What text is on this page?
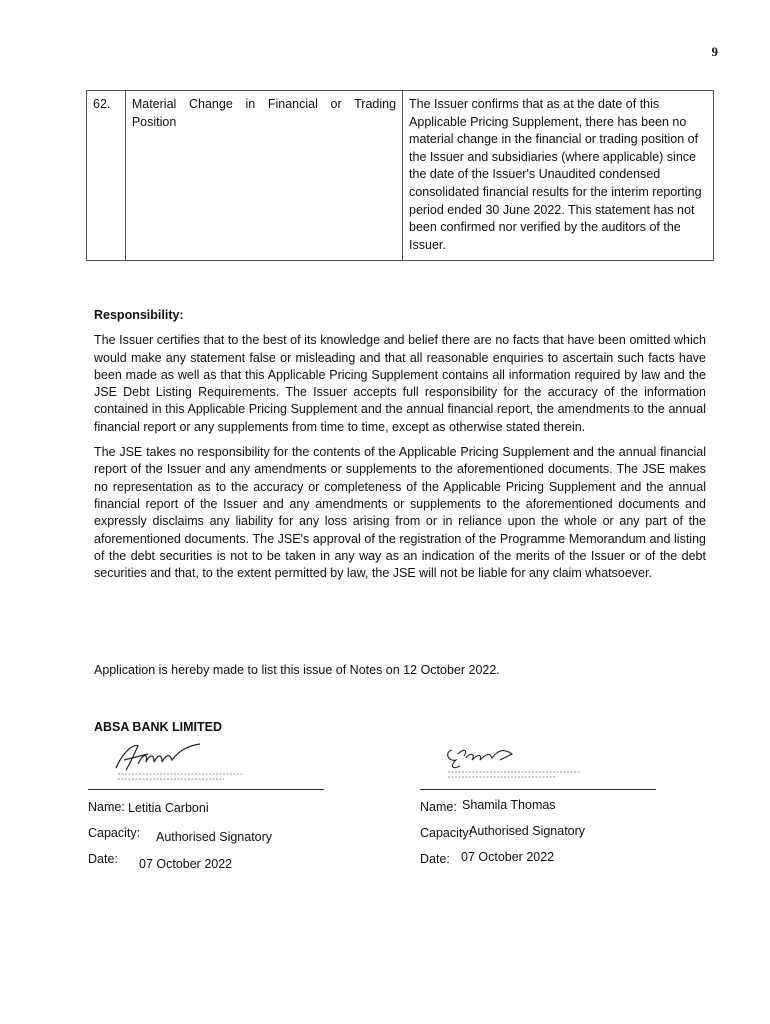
9
62.	Material Change in Financial or Trading Position	The Issuer confirms that as at the date of this Applicable Pricing Supplement, there has been no material change in the financial or trading position of the Issuer and subsidiaries (where applicable) since the date of the Issuer's Unaudited condensed consolidated financial results for the interim reporting period ended 30 June 2022. This statement has not been confirmed nor verified by the auditors of the Issuer.
Responsibility:

The Issuer certifies that to the best of its knowledge and belief there are no facts that have been omitted which would make any statement false or misleading and that all reasonable enquiries to ascertain such facts have been made as well as that this Applicable Pricing Supplement contains all information required by law and the JSE Debt Listing Requirements. The Issuer accepts full responsibility for the accuracy of the information contained in this Applicable Pricing Supplement and the annual financial report, the amendments to the annual financial report or any supplements from time to time, except as otherwise stated therein.

The JSE takes no responsibility for the contents of the Applicable Pricing Supplement and the annual financial report of the Issuer and any amendments or supplements to the aforementioned documents. The JSE makes no representation as to the accuracy or completeness of the Applicable Pricing Supplement and the annual financial report of the Issuer and any amendments or supplements to the aforementioned documents and expressly disclaims any liability for any loss arising from or in reliance upon the whole or any part of the aforementioned documents. The JSE's approval of the registration of the Programme Memorandum and listing of the debt securities is not to be taken in any way as an indication of the merits of the Issuer or of the debt securities and that, to the extent permitted by law, the JSE will not be liable for any claim whatsoever.

Application is hereby made to list this issue of Notes on 12 October 2022.
ABSA BANK LIMITED
Name: Letitia Carboni
Capacity: Authorised Signatory
Date: 07 October 2022
Name: Shamila Thomas
Capacity:
Authorised Signatory
Date: 07 October 2022
